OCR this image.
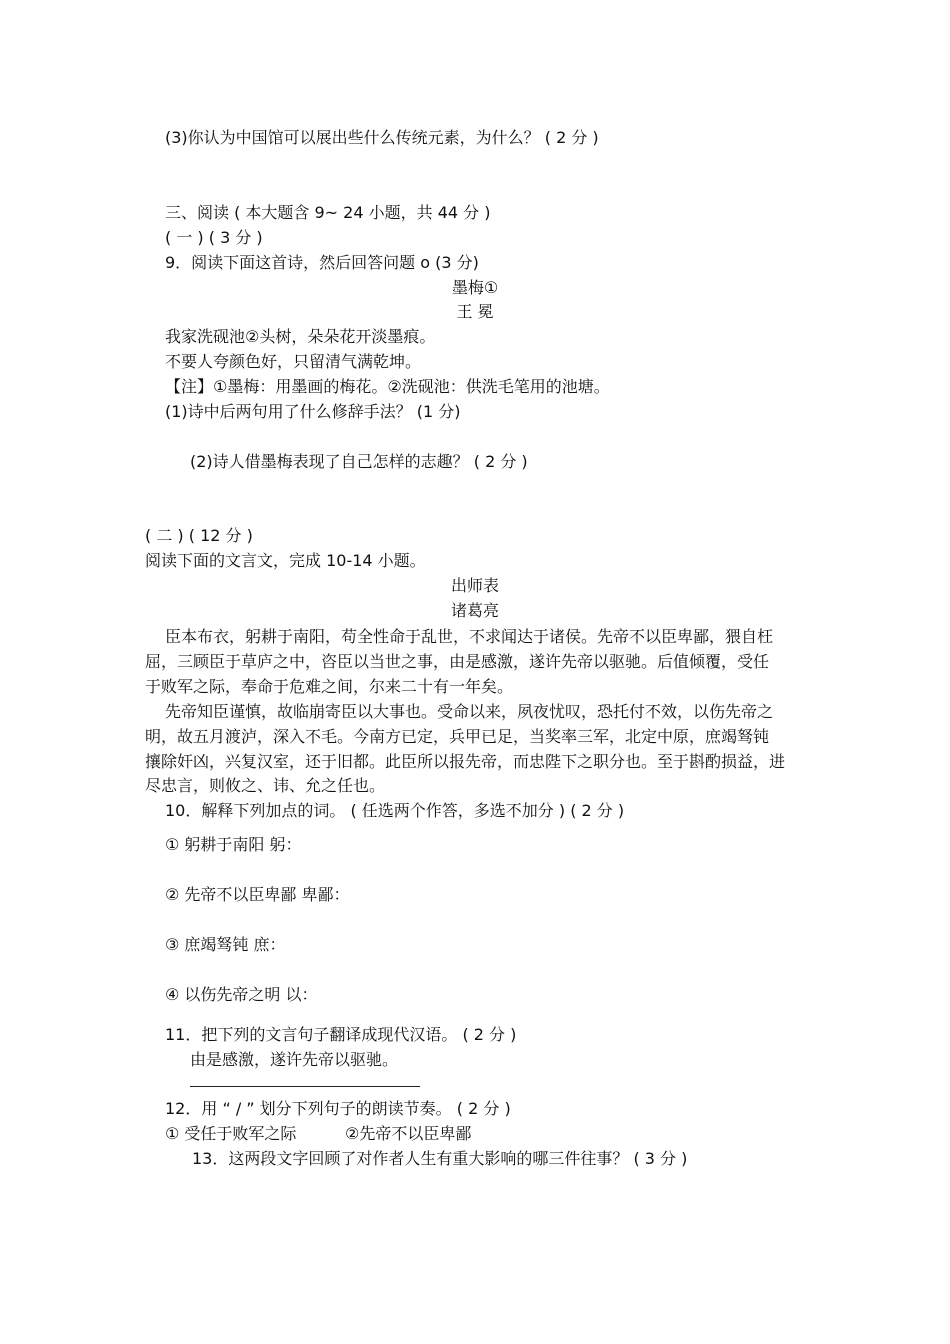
(3)你认为中国馆可以展出些什么传统元素，为什么？ ( 2 分 )
三、阅读 ( 本大题含 9~ 24 小题，共 44 分 )
( 一 ) ( 3 分 )
9．阅读下面这首诗，然后回答问题 o (3 分)
墨梅①
王 冕
我家洗砚池②头树，朵朵花开淡墨痕。
不要人夸颜色好，只留清气满乾坤。
【注】①墨梅：用墨画的梅花。②洗砚池：供洗毛笔用的池塘。
(1)诗中后两句用了什么修辞手法？ (1 分)
(2)诗人借墨梅表现了自己怎样的志趣？ ( 2 分 )
( 二 ) ( 12 分 )
阅读下面的文言文，完成 10-14 小题。
出师表
诸葛亮
臣本布衣，躬耕于南阳，苟全性命于乱世，不求闻达于诸侯。先帝不以臣卑鄙，猥自枉
屈，三顾臣于草庐之中，咨臣以当世之事，由是感激，遂许先帝以驱驰。后值倾覆，受任
于败军之际，奉命于危难之间，尔来二十有一年矣。
先帝知臣谨慎，故临崩寄臣以大事也。受命以来，夙夜忧叹，恐托付不效，以伤先帝之
明，故五月渡泸，深入不毛。今南方已定，兵甲已足，当奖率三军，北定中原，庶竭驽钝
攘除奸凶，兴复汉室，还于旧都。此臣所以报先帝，而忠陛下之职分也。至于斟酌损益，进
尽忠言，则攸之、讳、允之任也。
10．解释下列加点的词。 ( 任选两个作答，多选不加分 ) ( 2 分 )
① 躬耕于南阳 躬：
② 先帝不以臣卑鄙 卑鄙：
③ 庶竭驽钝 庶：
④ 以伤先帝之明 以：
11．把下列的文言句子翻译成现代汉语。 ( 2 分 )
由是感激，遂许先帝以驱驰。
12．用 “ / ” 划分下列句子的朗读节奏。 ( 2 分 )
① 受任于败军之际	②先帝不以臣卑鄙
13．这两段文字回顾了对作者人生有重大影响的哪三件往事？ ( 3 分 )
